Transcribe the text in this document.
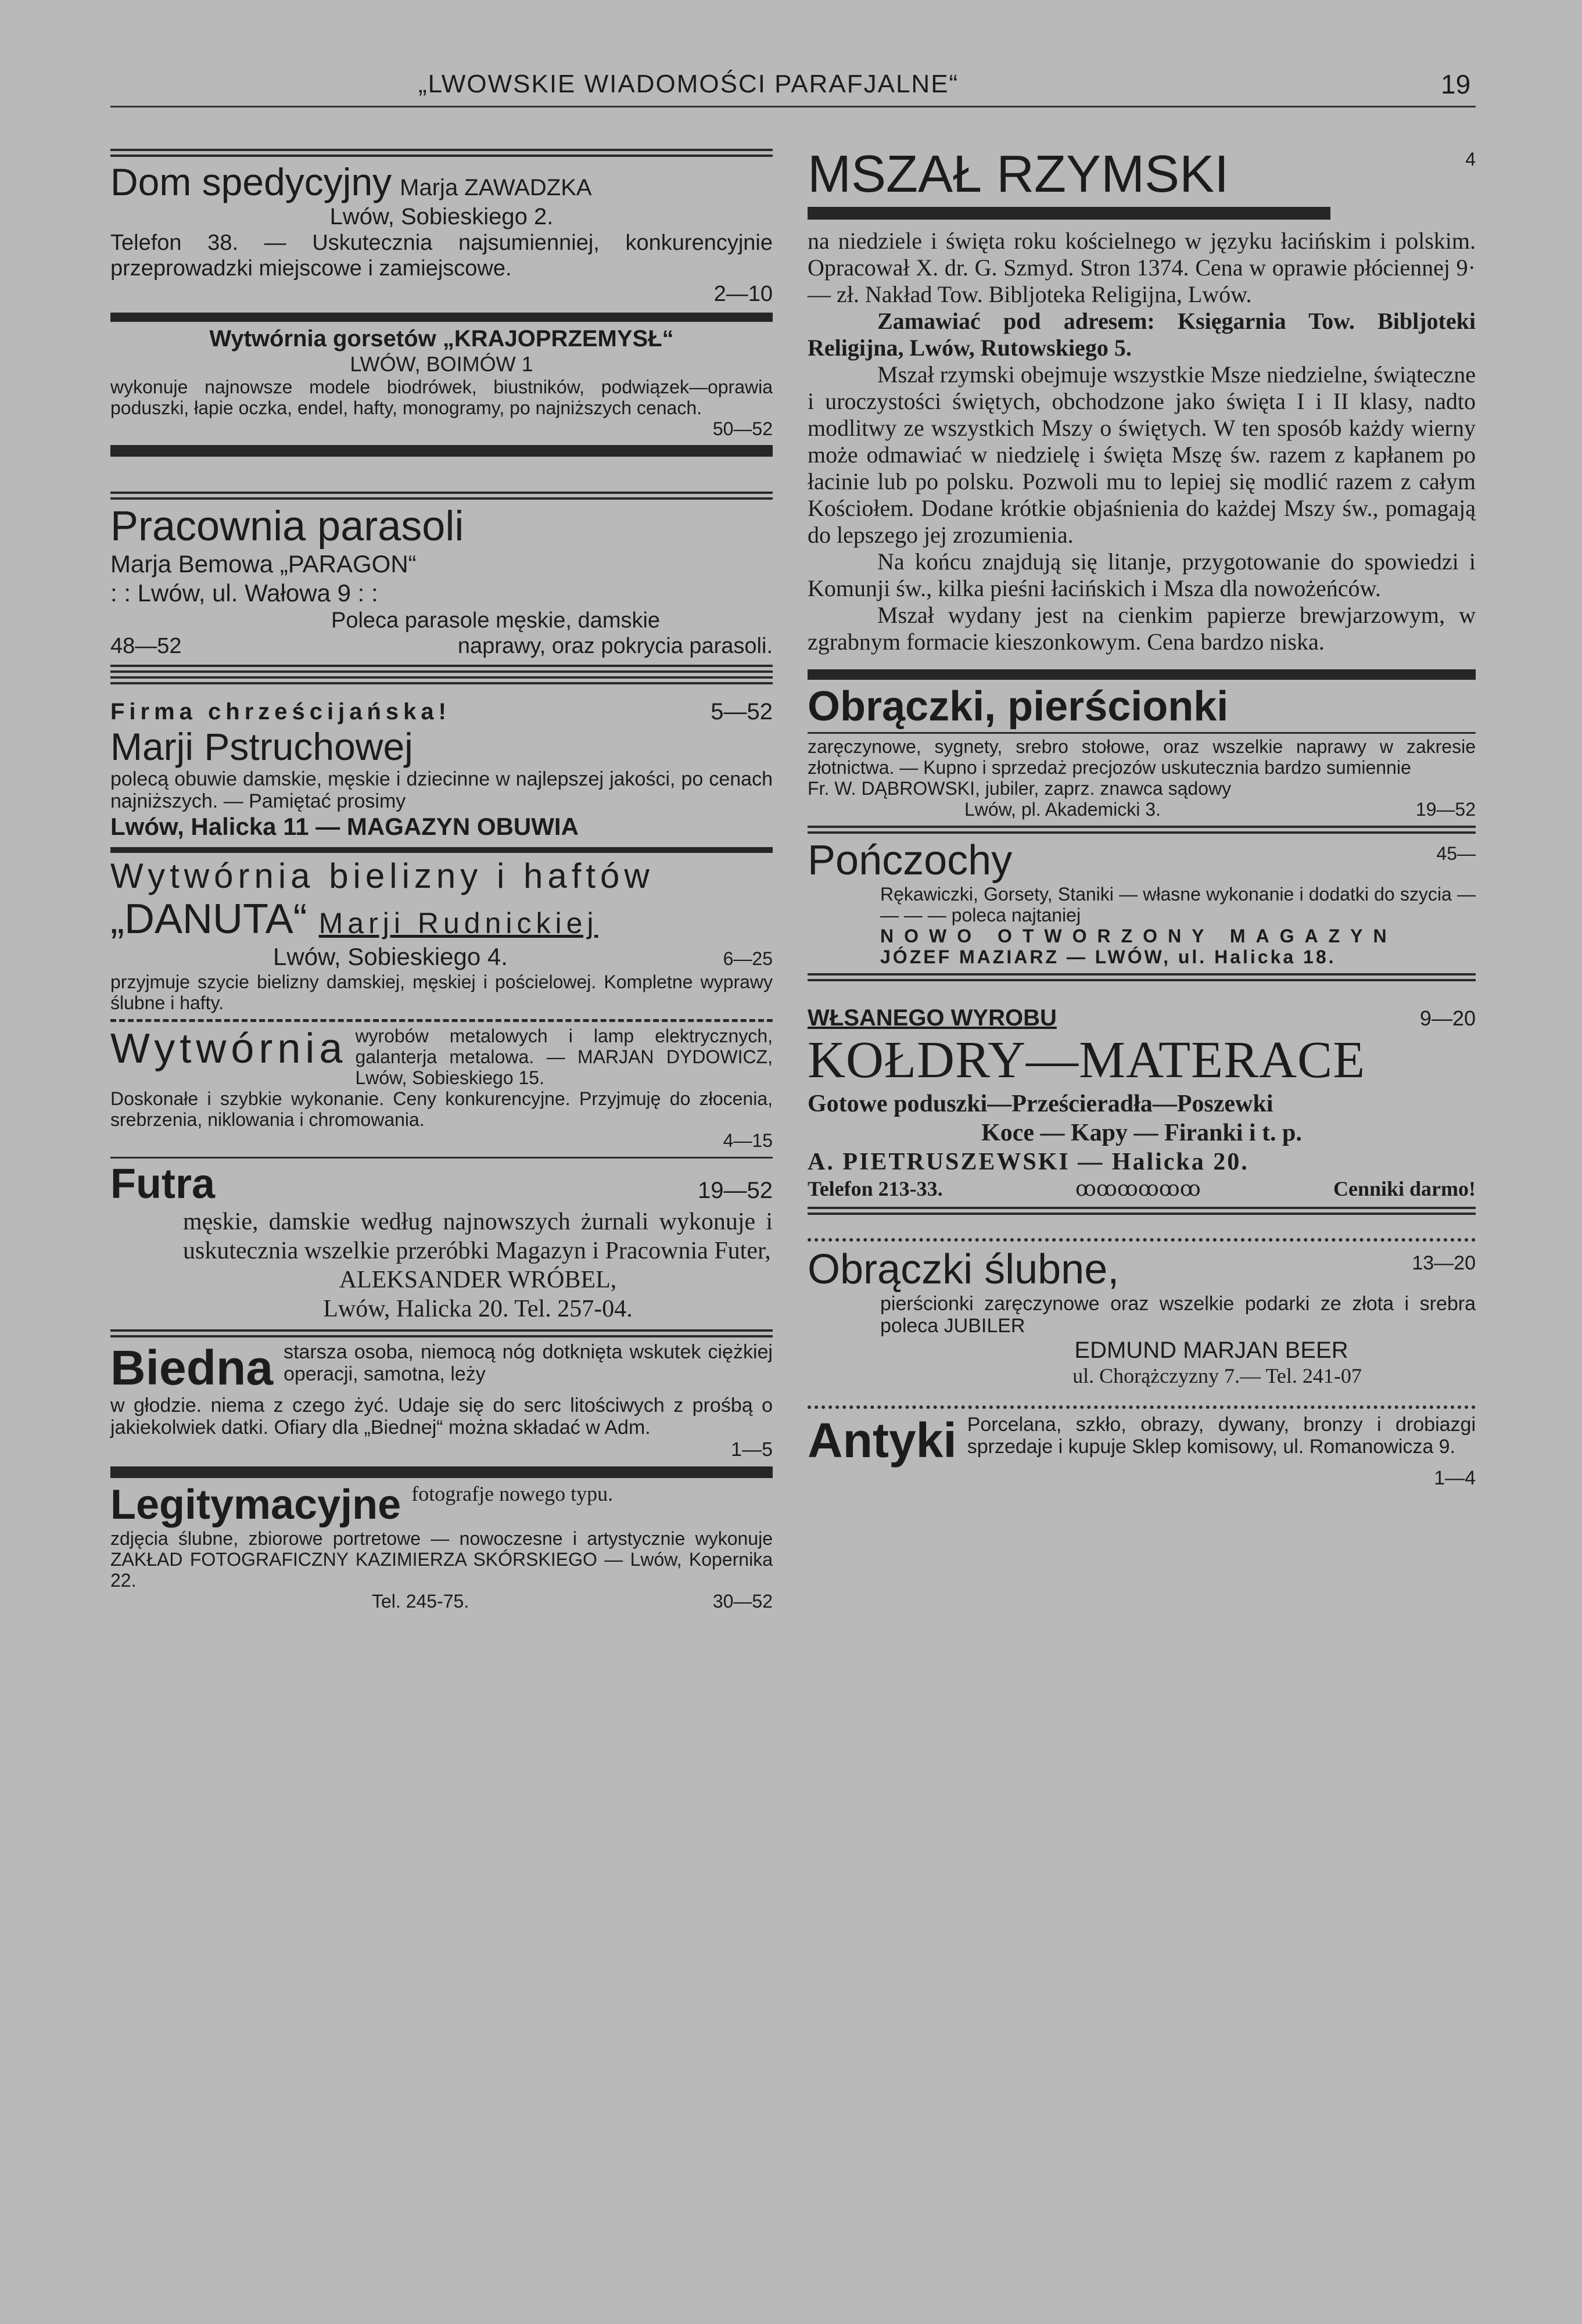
„LWOWSKIE WIADOMOŚCI PARAFJALNE“	19
Dom spedycyjny Marja ZAWADZKA
Lwów, Sobieskiego 2.
Telefon 38. — Uskutecznia najsumienniej, konkurencyjnie przeprowadzki miejscowe i zamiejscowe.
2—10
Wytwórnia gorsetów „KRAJOPRZEMYSŁ“
LWÓW, BOIMÓW 1
wykonuje najnowsze modele biodrówek, biustników, podwiązek—oprawia poduszki, łapie oczka, endel, hafty, monogramy, po najniższych cenach.
50—52
Pracownia parasoli
Marja Bemowa „PARAGON“
: : Lwów, ul. Wałowa 9 : :
Poleca parasole męskie, damskie
48—52	naprawy, oraz pokrycia parasoli.
Firma chrześcijańska!	5—52
Marji Pstruchowej
polecą obuwie damskie, męskie i dziecinne w najlepszej jakości, po cenach najniższych. — Pamiętać prosimy
Lwów, Halicka 11 — MAGAZYN OBUWIA
Wytwórnia bielizny i haftów
„DANUTA“ Marji Rudnickiej
Lwów, Sobieskiego 4.	6—25
przyjmuje szycie bielizny damskiej, męskiej i pościelowej. Kompletne wyprawy ślubne i hafty.
Wytwórnia wyrobów metalowych i lamp elektrycznych, galanterja metalowa. — MARJAN DYDOWICZ, Lwów, Sobieskiego 15.
Doskonałe i szybkie wykonanie. Ceny konkurencyjne. Przyjmuję do złocenia, srebrzenia, niklowania i chromowania.
4—15
Futra	19—52
męskie, damskie według najnowszych żurnali wykonuje i uskutecznia wszelkie przeróbki Magazyn i Pracownia Futer,
ALEKSANDER WRÓBEL,
Lwów, Halicka 20. Tel. 257-04.
Biedna starsza osoba, niemocą nóg dotknięta wskutek ciężkiej operacji, samotna, leży
w głodzie. niema z czego żyć. Udaje się do serc litościwych z prośbą o jakiekolwiek datki. Ofiary dla „Biednej“ można składać w Adm.
1—5
Legitymacyjne fotografje nowego typu.
zdjęcia ślubne, zbiorowe portretowe — nowoczesne i artystycznie wykonuje ZAKŁAD FOTOGRAFICZNY KAZIMIERZA SKÓRSKIEGO — Lwów, Kopernika 22.
Tel. 245-75.	30—52
MSZAŁ RZYMSKI	4
na niedziele i święta roku kościelnego w języku łacińskim i polskim. Opracował X. dr. G. Szmyd. Stron 1374. Cena w oprawie płóciennej 9·— zł. Nakład Tow. Bibljoteka Religijna, Lwów.
Zamawiać pod adresem: Księgarnia Tow. Bibljoteki Religijna, Lwów, Rutowskiego 5.
Mszał rzymski obejmuje wszystkie Msze niedzielne, świąteczne i uroczystości świętych, obchodzone jako święta I i II klasy, nadto modlitwy ze wszystkich Mszy o świętych. W ten sposób każdy wierny może odmawiać w niedzielę i święta Mszę św. razem z kapłanem po łacinie lub po polsku. Pozwoli mu to lepiej się modlić razem z całym Kościołem. Dodane krótkie objaśnienia do każdej Mszy św., pomagają do lepszego jej zrozumienia.
Na końcu znajdują się litanje, przygotowanie do spowiedzi i Komunji św., kilka pieśni łacińskich i Msza dla nowożeńców.
Mszał wydany jest na cienkim papierze brewjarzowym, w zgrabnym formacie kieszonkowym. Cena bardzo niska.
Obrączki, pierścionki
zaręczynowe, sygnety, srebro stołowe, oraz wszelkie naprawy w zakresie złotnictwa. — Kupno i sprzedaż precjozów uskutecznia bardzo sumiennie
Fr. W. DĄBROWSKI, jubiler, zaprz. znawca sądowy
Lwów, pl. Akademicki 3.	19—52
Pończochy	45—
Rękawiczki, Gorsety, Staniki — własne wykonanie i dodatki do szycia — — — — poleca najtaniej
NOWO OTWORZONY MAGAZYN
JÓZEF MAZIARZ — LWÓW, ul. Halicka 18.
WŁSANEGO WYROBU	9—20
KOŁDRY—MATERACE
Gotowe poduszki—Prześcieradła—Poszewki
Koce — Kapy — Firanki i t. p.
A. PIETRUSZEWSKI — Halicka 20.
Telefon 213-33.	ꝏꝏꝏꝏꝏꝏ	Cenniki darmo!
Obrączki ślubne,	13—20
pierścionki zaręczynowe oraz wszelkie podarki ze złota i srebra poleca JUBILER
EDMUND MARJAN BEER
ul. Chorążczyzny 7.— Tel. 241-07
Antyki Porcelana, szkło, obrazy, dywany, bronzy i drobiazgi sprzedaje i kupuje Sklep komisowy, ul. Romanowicza 9.
1—4
